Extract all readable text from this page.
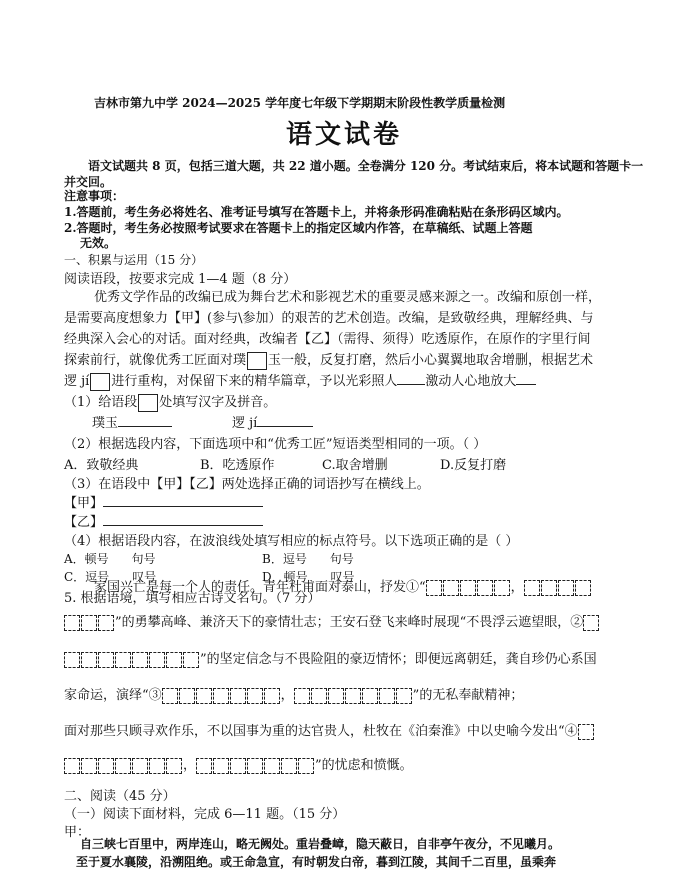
吉林市第九中学 2024—2025 学年度七年级下学期期末阶段性教学质量检测
语文试卷
语文试题共 8 页，包括三道大题，共 22 道小题。全卷满分 120 分。考试结束后，将本试题和答题卡一
并交回。
注意事项：
1.答题前，考生务必将姓名、准考证号填写在答题卡上，并将条形码准确粘贴在条形码区域内。
2.答题时，考生务必按照考试要求在答题卡上的指定区域内作答，在草稿纸、试题上答题
无效。
一、积累与运用（15 分）
阅读语段，按要求完成 1—4 题（8 分）
优秀文学作品的改编已成为舞台艺术和影视艺术的重要灵感来源之一。改编和原创一样，
是需要高度想象力【甲】(参与\参加）的艰苦的艺术创造。改编，是致敬经典，理解经典、与
经典深入会心的对话。面对经典，改编者【乙】（需得、须得）吃透原作，在原作的字里行间
探索前行，就像优秀工匠面对璞 玉一般，反复打磨，然后小心翼翼地取舍增删，根据艺术
逻 jí 进行重构，对保留下来的精华篇章，予以光彩照人 激动人心地放大
（1）给语段 处填写汉字及拼音。
璞玉	逻 jí
（2）根据选段内容，下面选项中和“优秀工匠”短语类型相同的一项。（ ）
A．致敬经典	B．吃透原作	C.取舍增删	D.反复打磨
（3）在语段中【甲】【乙】两处选择正确的词语抄写在横线上。
【甲】
【乙】
（4）根据语段内容，在波浪线处填写相应的标点符号。以下选项正确的是（ ）
A．顿号      句号	B．逗号      句号
C．逗号      叹号	D．顿号      叹号
5. 根据语境，填写相应古诗文名句。（7 分）
家国兴亡是每一个人的责任。青年杜甫面对泰山，抒发①“	，
”的勇攀高峰、兼济天下的豪情壮志；王安石登飞来峰时展现“不畏浮云遮望眼，②
”的坚定信念与不畏险阻的豪迈情怀；即便远离朝廷，龚自珍仍心系国
家命运，演绎“③	，	”的无私奉献精神；
面对那些只顾寻欢作乐，不以国事为重的达官贵人，杜牧在《泊秦淮》中以史喻今发出“④
，	”的忧虑和愤慨。
二、阅读（45 分）
（一）阅读下面材料，完成 6—11 题。（15 分）
甲：
自三峡七百里中，两岸连山，略无阙处。重岩叠嶂，隐天蔽日，自非亭午夜分，不见曦月。
至于夏水襄陵，沿溯阻绝。或王命急宣，有时朝发白帝，暮到江陵，其间千二百里，虽乘奔
